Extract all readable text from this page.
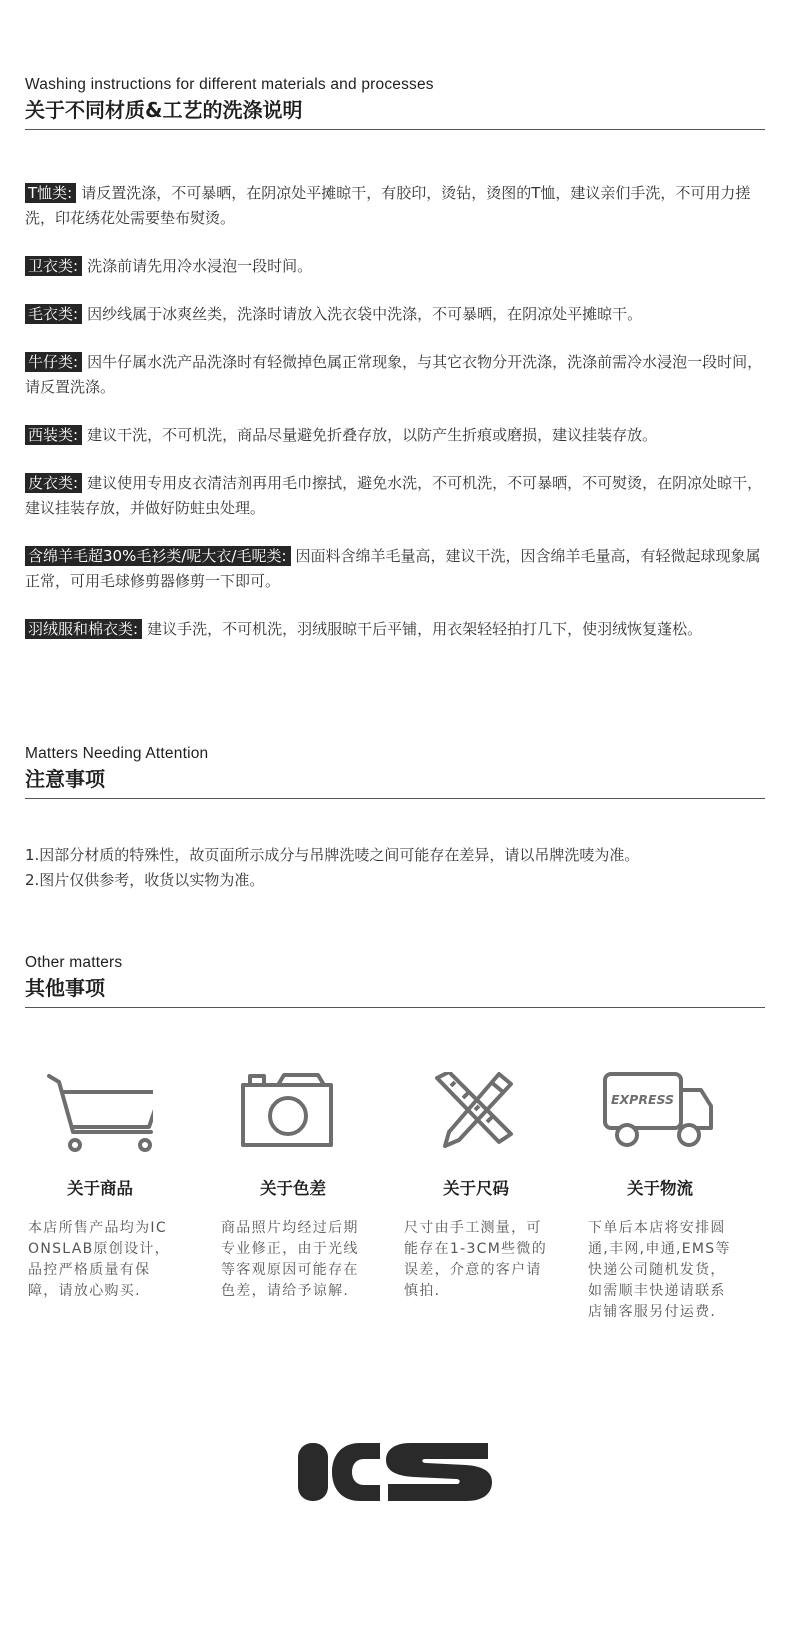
Washing instructions for different materials and processes
关于不同材质&工艺的洗涤说明
T恤类: 请反置洗涤，不可暴晒，在阴凉处平摊晾干，有胶印，烫钻，烫图的T恤，建议亲们手洗，不可用力搓洗，印花绣花处需要垫布熨烫。
卫衣类: 洗涤前请先用冷水浸泡一段时间。
毛衣类: 因纱线属于冰爽丝类，洗涤时请放入洗衣袋中洗涤，不可暴晒，在阴凉处平摊晾干。
牛仔类: 因牛仔属水洗产品洗涤时有轻微掉色属正常现象，与其它衣物分开洗涤，洗涤前需冷水浸泡一段时间，请反置洗涤。
西装类: 建议干洗，不可机洗，商品尽量避免折叠存放，以防产生折痕或磨损，建议挂装存放。
皮衣类: 建议使用专用皮衣清洁剂再用毛巾擦拭，避免水洗，不可机洗，不可暴晒，不可熨烫，在阴凉处晾干，建议挂装存放，并做好防蛀虫处理。
含绵羊毛超30%毛衫类/呢大衣/毛呢类: 因面料含绵羊毛量高，建议干洗，因含绵羊毛量高，有轻微起球现象属正常，可用毛球修剪器修剪一下即可。
羽绒服和棉衣类: 建议手洗，不可机洗，羽绒服晾干后平铺，用衣架轻轻拍打几下，使羽绒恢复蓬松。
Matters Needing Attention
注意事项
1.因部分材质的特殊性，故页面所示成分与吊牌洗唛之间可能存在差异，请以吊牌洗唛为准。
2.图片仅供参考，收货以实物为准。
Other matters
其他事项
关于商品
本店所售产品均为ICONSLAB原创设计，品控严格质量有保障，请放心购买.
关于色差
商品照片均经过后期专业修正，由于光线等客观原因可能存在色差，请给予谅解.
关于尺码
尺寸由手工测量，可能存在1-3CM些微的误差，介意的客户请慎拍.
EXPRESS
关于物流
下单后本店将安排圆通,丰网,申通,EMS等快递公司随机发货，如需顺丰快递请联系店铺客服另付运费.
